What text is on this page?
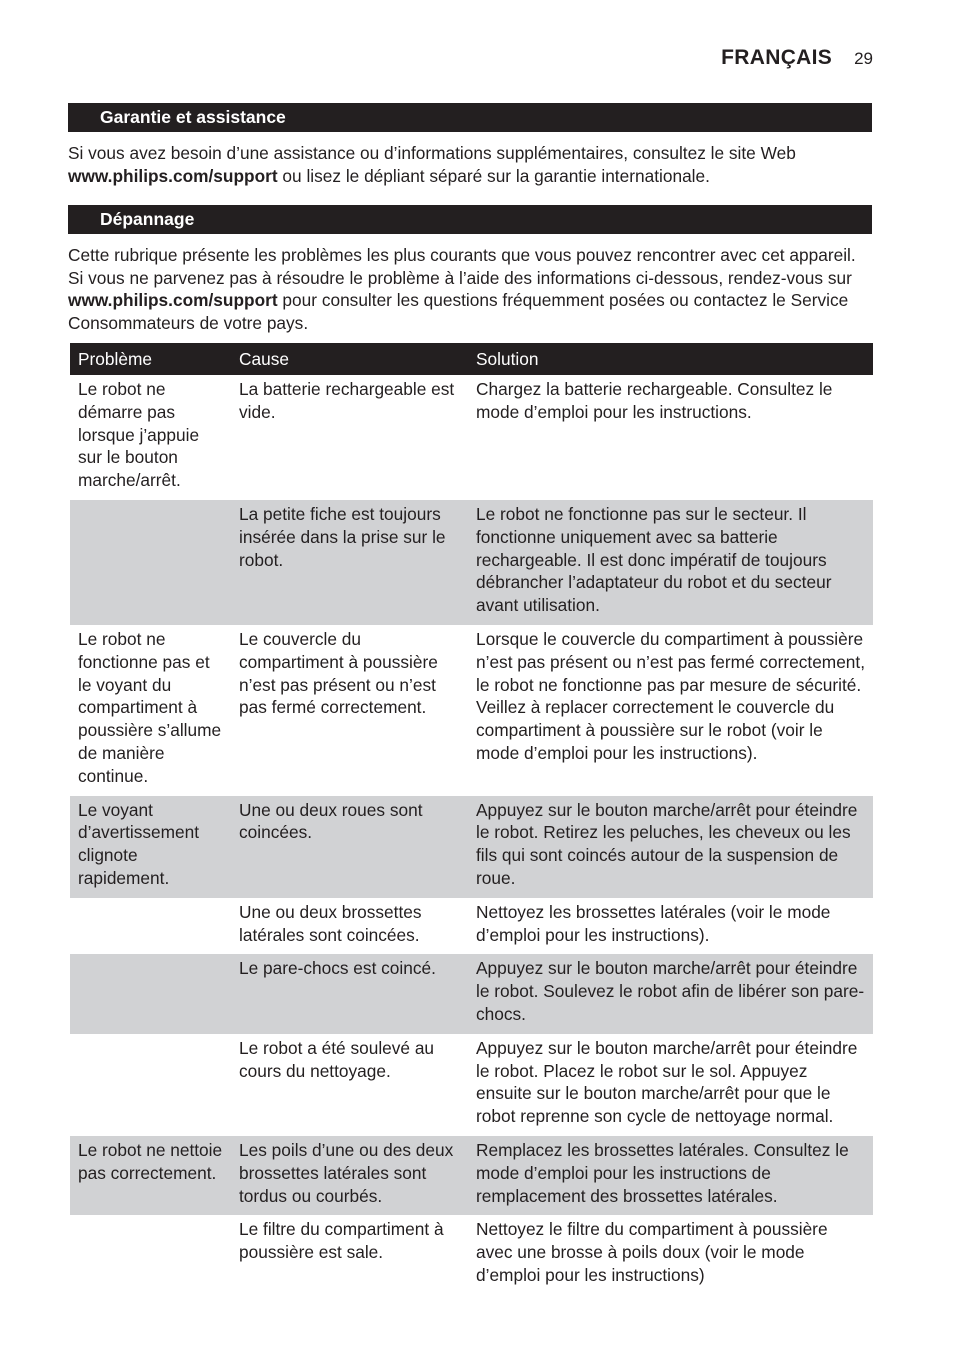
FRANÇAIS 29
Garantie et assistance

Si vous avez besoin d’une assistance ou d’informations supplémentaires, consultez le site Web www.philips.com/support ou lisez le dépliant séparé sur la garantie internationale.

Dépannage

Cette rubrique présente les problèmes les plus courants que vous pouvez rencontrer avec cet appareil. Si vous ne parvenez pas à résoudre le problème à l’aide des informations ci-dessous, rendez-vous sur www.philips.com/support pour consulter les questions fréquemment posées ou contactez le Service Consommateurs de votre pays.

Problème	Cause	Solution
Le robot ne démarre pas lorsque j’appuie sur le bouton marche/arrêt.	La batterie rechargeable est vide.	Chargez la batterie rechargeable. Consultez le mode d’emploi pour les instructions.
	La petite fiche est toujours insérée dans la prise sur le robot.	Le robot ne fonctionne pas sur le secteur. Il fonctionne uniquement avec sa batterie rechargeable. Il est donc impératif de toujours débrancher l’adaptateur du robot et du secteur avant utilisation.
Le robot ne fonctionne pas et le voyant du compartiment à poussière s’allume de manière continue.	Le couvercle du compartiment à poussière n’est pas présent ou n’est pas fermé correctement.	Lorsque le couvercle du compartiment à poussière n’est pas présent ou n’est pas fermé correctement, le robot ne fonctionne pas par mesure de sécurité. Veillez à replacer correctement le couvercle du compartiment à poussière sur le robot (voir le mode d’emploi pour les instructions).
Le voyant d’avertissement clignote rapidement.	Une ou deux roues sont coincées.	Appuyez sur le bouton marche/arrêt pour éteindre le robot. Retirez les peluches, les cheveux ou les fils qui sont coincés autour de la suspension de roue.
	Une ou deux brossettes latérales sont coincées.	Nettoyez les brossettes latérales (voir le mode d’emploi pour les instructions).
	Le pare-chocs est coincé.	Appuyez sur le bouton marche/arrêt pour éteindre le robot. Soulevez le robot afin de libérer son pare-chocs.
	Le robot a été soulevé au cours du nettoyage.	Appuyez sur le bouton marche/arrêt pour éteindre le robot. Placez le robot sur le sol. Appuyez ensuite sur le bouton marche/arrêt pour que le robot reprenne son cycle de nettoyage normal.
Le robot ne nettoie pas correctement.	Les poils d’une ou des deux brossettes latérales sont tordus ou courbés.	Remplacez les brossettes latérales. Consultez le mode d’emploi pour les instructions de remplacement des brossettes latérales.
	Le filtre du compartiment à poussière est sale.	Nettoyez le filtre du compartiment à poussière avec une brosse à poils doux (voir le mode d’emploi pour les instructions)
